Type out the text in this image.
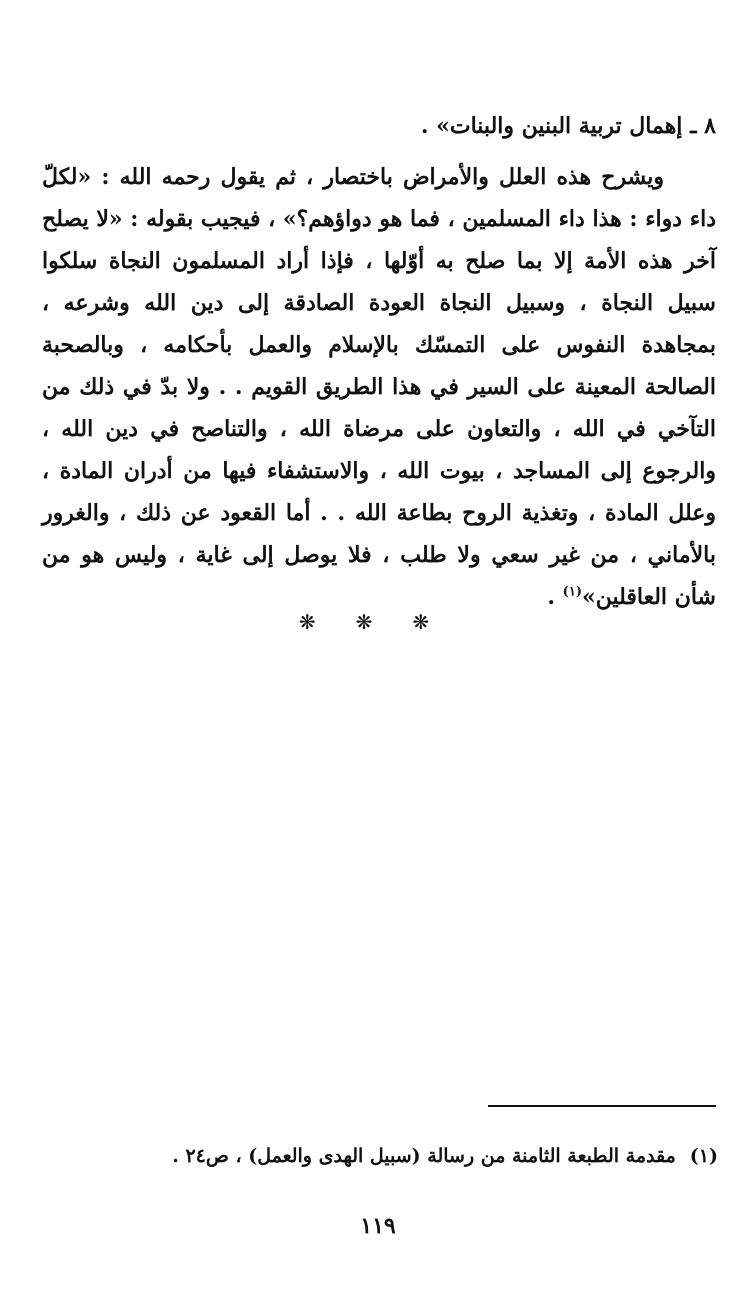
٨ ـ إهمال تربية البنين والبنات» .

ويشرح هذه العلل والأمراض باختصار ، ثم يقول رحمه الله : «لكلّ داء دواء : هذا داء المسلمين ، فما هو دواؤهم؟» ، فيجيب بقوله : «لا يصلح آخر هذه الأمة إلا بما صلح به أوّلها ، فإذا أراد المسلمون النجاة سلكوا سبيل النجاة ، وسبيل النجاة العودة الصادقة إلى دين الله وشرعه ، بمجاهدة النفوس على التمسّك بالإسلام والعمل بأحكامه ، وبالصحبة الصالحة المعينة على السير في هذا الطريق القويم . . ولا بدّ في ذلك من التآخي في الله ، والتعاون على مرضاة الله ، والتناصح في دين الله ، والرجوع إلى المساجد ، بيوت الله ، والاستشفاء فيها من أدران المادة ، وعلل المادة ، وتغذية الروح بطاعة الله . . أما القعود عن ذلك ، والغرور بالأماني ، من غير سعي ولا طلب ، فلا يوصل إلى غاية ، وليس هو من شأن العاقلين»$^{(١)}$ .

❋❋❋
(١)مقدمة الطبعة الثامنة من رسالة (سبيل الهدى والعمل) ، ص٢٤ .
١١٩
